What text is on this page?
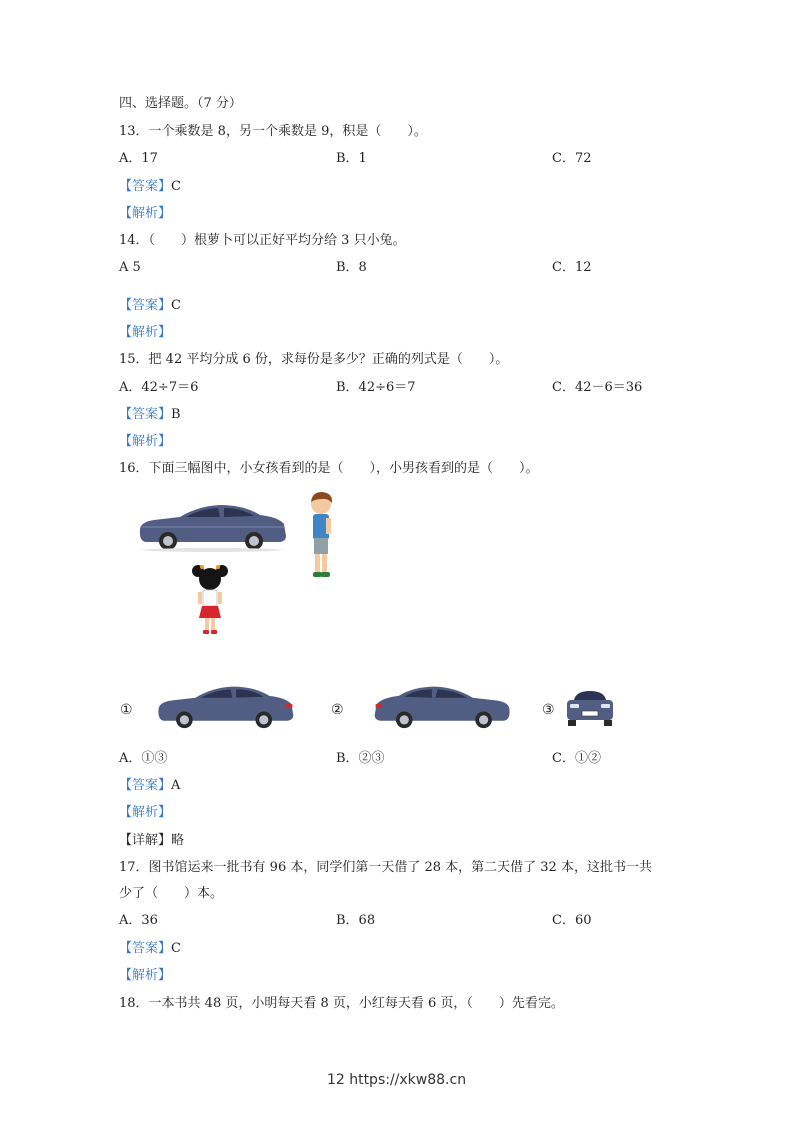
四、选择题。（7 分）
13．一个乘数是 8，另一个乘数是 9，积是（　　）。
A．17	B．1	C．72
【答案】C
【解析】
14．（　　）根萝卜可以正好平均分给 3 只小兔。
A 5	B．8	C．12
【答案】C
【解析】
15．把 42 平均分成 6 份，求每份是多少？正确的列式是（　　）。
A．42÷7＝6	B．42÷6＝7	C．42－6＝36
【答案】B
【解析】
16．下面三幅图中，小女孩看到的是（　　），小男孩看到的是（　　）。
①	②	③
A．①③	B．②③	C．①②
【答案】A
【解析】
【详解】略
17．图书馆运来一批书有 96 本，同学们第一天借了 28 本，第二天借了 32 本，这批书一共
少了（　　）本。
A．36	B．68	C．60
【答案】C
【解析】
18．一本书共 48 页，小明每天看 8 页，小红每天看 6 页，（　　）先看完。
12 https://xkw88.cn
